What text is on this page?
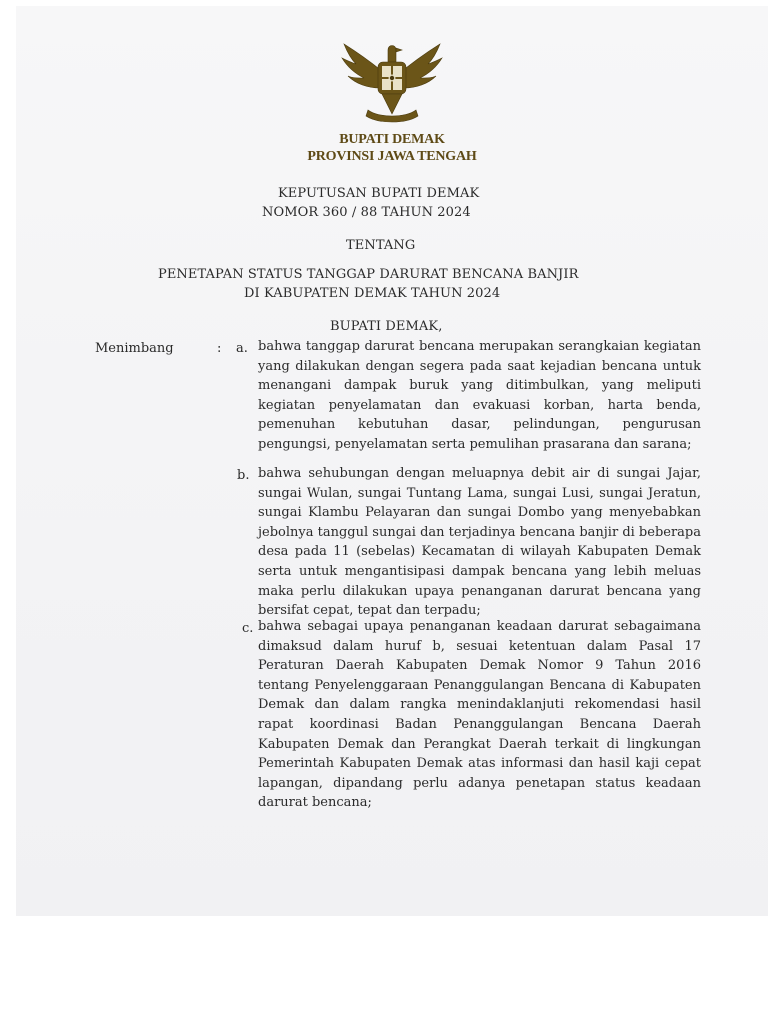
BUPATI DEMAK
PROVINSI JAWA TENGAH
KEPUTUSAN BUPATI DEMAK
NOMOR 360 / 88 TAHUN 2024
TENTANG
PENETAPAN STATUS TANGGAP DARURAT BENCANA BANJIR
DI KABUPATEN DEMAK TAHUN 2024
BUPATI DEMAK,
Menimbang	: a. bahwa tanggap darurat bencana merupakan serangkaian kegiatan yang dilakukan dengan segera pada saat kejadian bencana untuk menangani dampak buruk yang ditimbulkan, yang meliputi kegiatan penyelamatan dan evakuasi korban, harta benda, pemenuhan kebutuhan dasar, pelindungan, pengurusan pengungsi, penyelamatan serta pemulihan prasarana dan sarana;
b. bahwa sehubungan dengan meluapnya debit air di sungai Jajar, sungai Wulan, sungai Tuntang Lama, sungai Lusi, sungai Jeratun, sungai Klambu Pelayaran dan sungai Dombo yang menyebabkan jebolnya tanggul sungai dan terjadinya bencana banjir di beberapa desa pada 11 (sebelas) Kecamatan di wilayah Kabupaten Demak serta untuk mengantisipasi dampak bencana yang lebih meluas maka perlu dilakukan upaya penanganan darurat bencana yang bersifat cepat, tepat dan terpadu;
c. bahwa sebagai upaya penanganan keadaan darurat sebagaimana dimaksud dalam huruf b, sesuai ketentuan dalam Pasal 17 Peraturan Daerah Kabupaten Demak Nomor 9 Tahun 2016 tentang Penyelenggaraan Penanggulangan Bencana di Kabupaten Demak dan dalam rangka menindaklanjuti rekomendasi hasil rapat koordinasi Badan Penanggulangan Bencana Daerah Kabupaten Demak dan Perangkat Daerah terkait di lingkungan Pemerintah Kabupaten Demak atas informasi dan hasil kaji cepat lapangan, dipandang perlu adanya penetapan status keadaan darurat bencana;
